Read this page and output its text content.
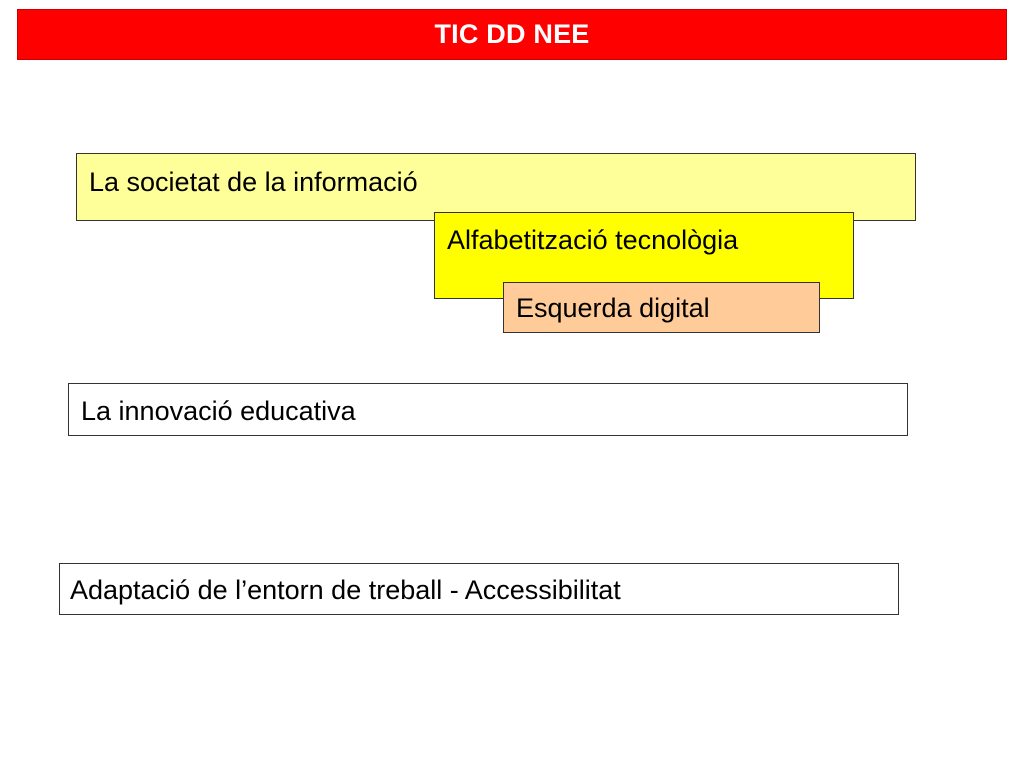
TIC DD NEE
La societat de la informació
Alfabetització tecnològia
Esquerda digital
La innovació educativa
Adaptació de l’entorn de treball - Accessibilitat
